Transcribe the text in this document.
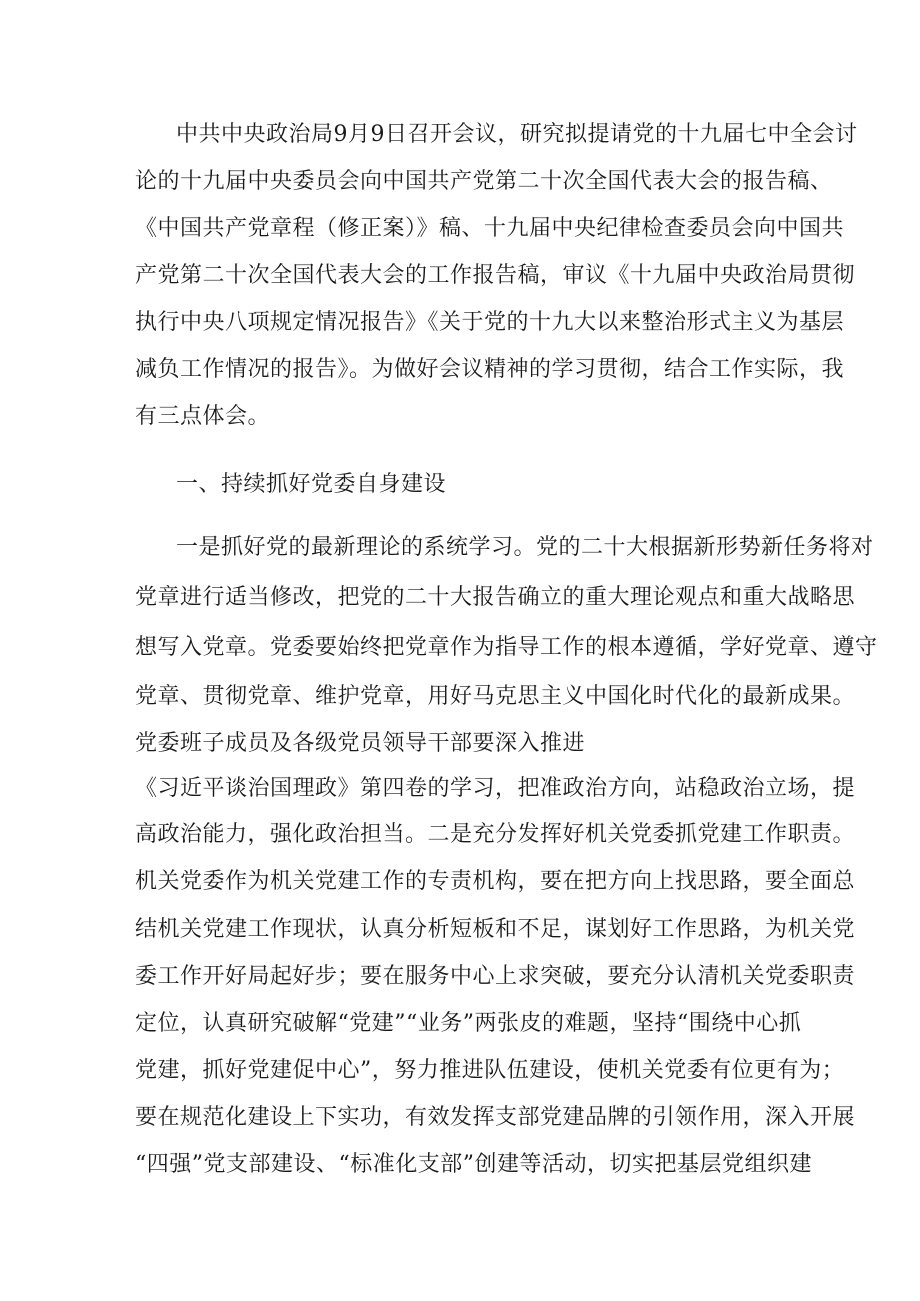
中共中央政治局9月9日召开会议，研究拟提请党的十九届七中全会讨
论的十九届中央委员会向中国共产党第二十次全国代表大会的报告稿、
《中国共产党章程（修正案）》稿、十九届中央纪律检查委员会向中国共
产党第二十次全国代表大会的工作报告稿，审议《十九届中央政治局贯彻
执行中央八项规定情况报告》《关于党的十九大以来整治形式主义为基层
减负工作情况的报告》。为做好会议精神的学习贯彻，结合工作实际，我
有三点体会。
一、持续抓好党委自身建设
一是抓好党的最新理论的系统学习。党的二十大根据新形势新任务将对
党章进行适当修改，把党的二十大报告确立的重大理论观点和重大战略思
想写入党章。党委要始终把党章作为指导工作的根本遵循，学好党章、遵守
党章、贯彻党章、维护党章，用好马克思主义中国化时代化的最新成果。
党委班子成员及各级党员领导干部要深入推进
《习近平谈治国理政》第四卷的学习，把准政治方向，站稳政治立场，提
高政治能力，强化政治担当。二是充分发挥好机关党委抓党建工作职责。
机关党委作为机关党建工作的专责机构，要在把方向上找思路，要全面总
结机关党建工作现状，认真分析短板和不足，谋划好工作思路，为机关党
委工作开好局起好步；要在服务中心上求突破，要充分认清机关党委职责
定位，认真研究破解“党建”“业务”两张皮的难题，坚持“围绕中心抓
党建，抓好党建促中心”，努力推进队伍建设，使机关党委有位更有为；
要在规范化建设上下实功，有效发挥支部党建品牌的引领作用，深入开展
“四强”党支部建设、“标准化支部”创建等活动，切实把基层党组织建
